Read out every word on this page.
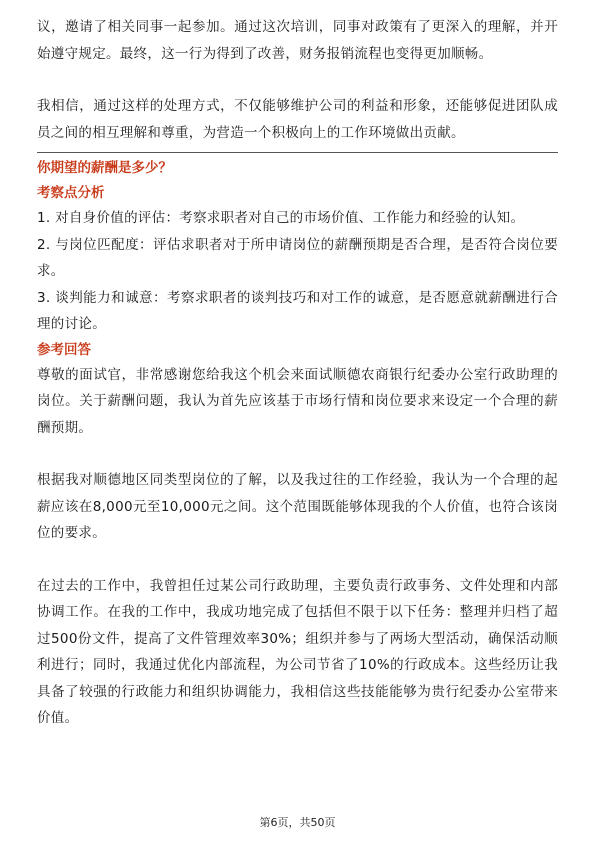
议，邀请了相关同事一起参加。通过这次培训，同事对政策有了更深入的理解，并开始遵守规定。最终，这一行为得到了改善，财务报销流程也变得更加顺畅。

我相信，通过这样的处理方式，不仅能够维护公司的利益和形象，还能够促进团队成员之间的相互理解和尊重，为营造一个积极向上的工作环境做出贡献。

你期望的薪酬是多少？
考察点分析

1. 对自身价值的评估：考察求职者对自己的市场价值、工作能力和经验的认知。

2. 与岗位匹配度：评估求职者对于所申请岗位的薪酬预期是否合理，是否符合岗位要求。

3. 谈判能力和诚意：考察求职者的谈判技巧和对工作的诚意，是否愿意就薪酬进行合理的讨论。

参考回答

尊敬的面试官，非常感谢您给我这个机会来面试顺德农商银行纪委办公室行政助理的岗位。关于薪酬问题，我认为首先应该基于市场行情和岗位要求来设定一个合理的薪酬预期。

根据我对顺德地区同类型岗位的了解，以及我过往的工作经验，我认为一个合理的起薪应该在8,000元至10,000元之间。这个范围既能够体现我的个人价值，也符合该岗位的要求。

在过去的工作中，我曾担任过某公司行政助理，主要负责行政事务、文件处理和内部协调工作。在我的工作中，我成功地完成了包括但不限于以下任务：整理并归档了超过500份文件，提高了文件管理效率30%；组织并参与了两场大型活动，确保活动顺利进行；同时，我通过优化内部流程，为公司节省了10%的行政成本。这些经历让我具备了较强的行政能力和组织协调能力，我相信这些技能能够为贵行纪委办公室带来价值。

第6页，共50页
